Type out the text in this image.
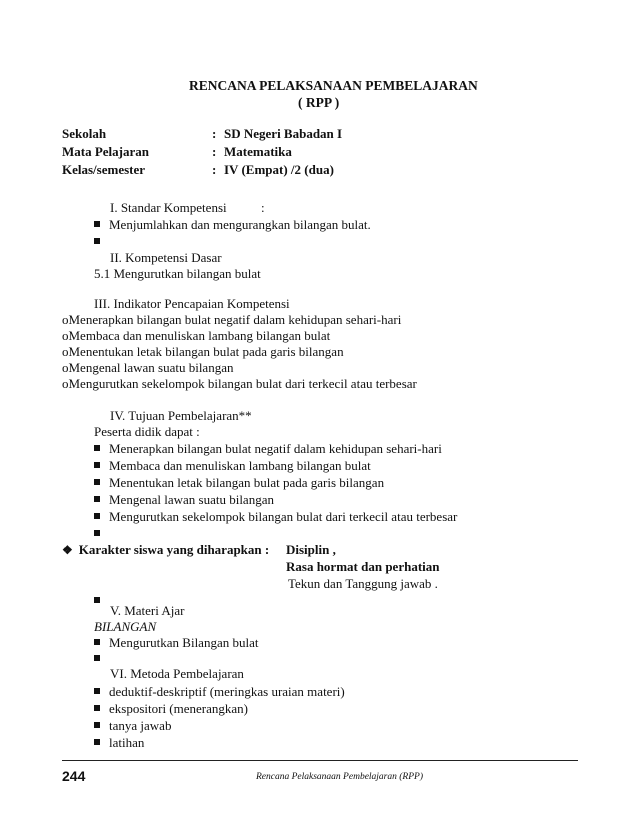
RENCANA PELAKSANAAN PEMBELAJARAN
( RPP )
Sekolah	: SD Negeri Babadan I
Mata Pelajaran	: Matematika
Kelas/semester	: IV (Empat) /2 (dua)
I. Standar Kompetensi	:
Menjumlahkan dan mengurangkan bilangan bulat.
II. Kompetensi Dasar
5.1 Mengurutkan bilangan bulat
III. Indikator Pencapaian Kompetensi
oMenerapkan bilangan bulat negatif dalam kehidupan sehari-hari
oMembaca dan menuliskan lambang bilangan bulat
oMenentukan letak bilangan bulat pada garis bilangan
oMengenal lawan suatu bilangan
oMengurutkan sekelompok bilangan bulat dari terkecil atau terbesar
IV. Tujuan Pembelajaran**
Peserta didik dapat :
Menerapkan bilangan bulat negatif dalam kehidupan sehari-hari
Membaca dan menuliskan lambang bilangan bulat
Menentukan letak bilangan bulat pada garis bilangan
Mengenal lawan suatu bilangan
Mengurutkan sekelompok bilangan bulat dari terkecil atau terbesar
❖ Karakter siswa yang diharapkan : Disiplin ,
Rasa hormat dan perhatian
Tekun dan Tanggung jawab .
V. Materi Ajar
BILANGAN
Mengurutkan Bilangan bulat
VI. Metoda Pembelajaran
deduktif-deskriptif (meringkas uraian materi)
ekspositori (menerangkan)
tanya jawab
latihan
244	Rencana Pelaksanaan Pembelajaran (RPP)
